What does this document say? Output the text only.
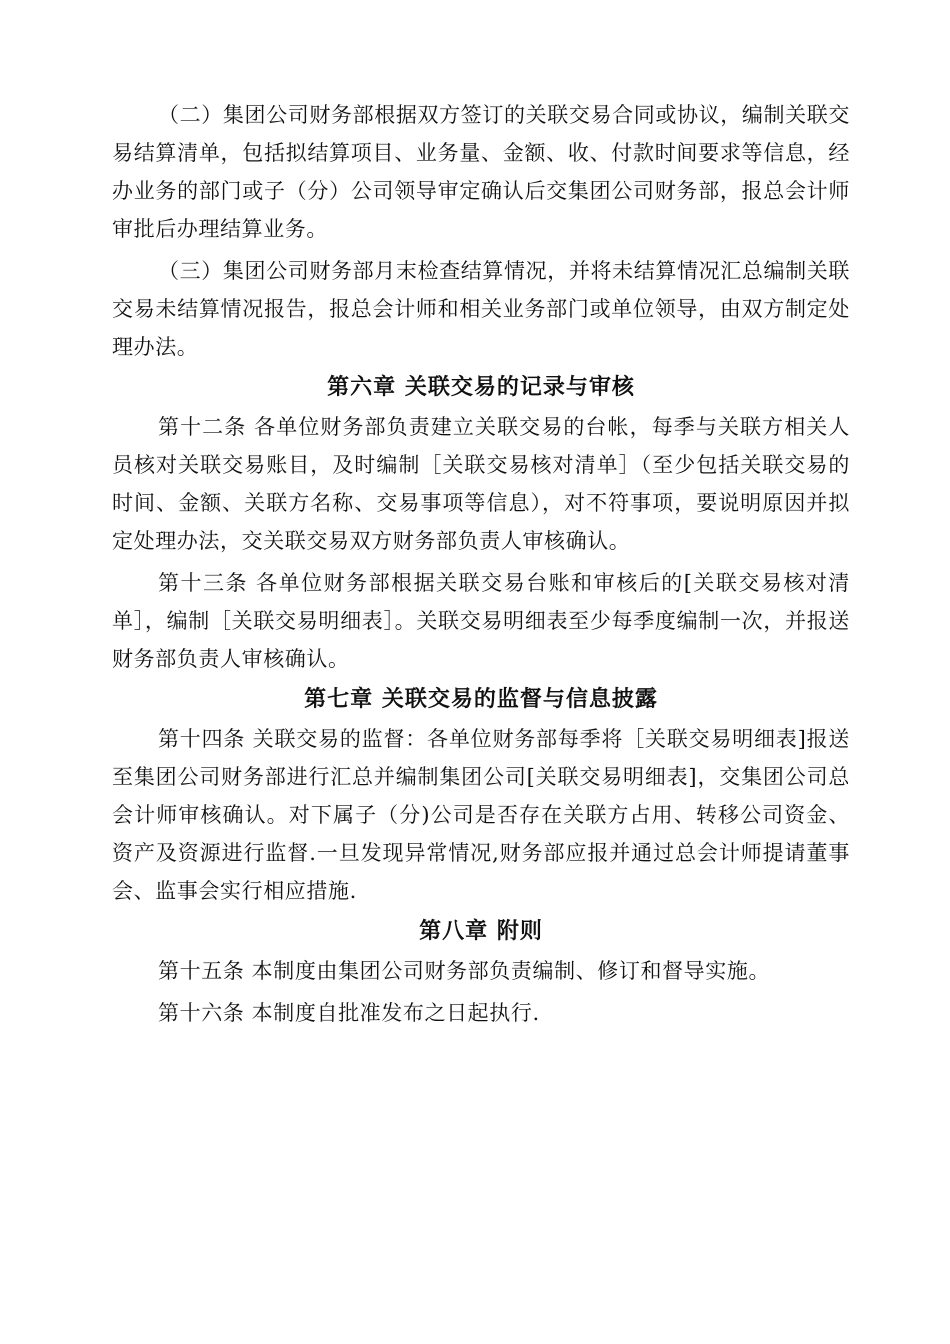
（二）集团公司财务部根据双方签订的关联交易合同或协议，编制关联交易结算清单，包括拟结算项目、业务量、金额、收、付款时间要求等信息，经办业务的部门或子（分）公司领导审定确认后交集团公司财务部，报总会计师审批后办理结算业务。

（三）集团公司财务部月末检查结算情况，并将未结算情况汇总编制关联交易未结算情况报告，报总会计师和相关业务部门或单位领导，由双方制定处理办法。

第六章 关联交易的记录与审核

第十二条 各单位财务部负责建立关联交易的台帐，每季与关联方相关人员核对关联交易账目，及时编制［关联交易核对清单］（至少包括关联交易的时间、金额、关联方名称、交易事项等信息），对不符事项，要说明原因并拟定处理办法，交关联交易双方财务部负责人审核确认。

第十三条 各单位财务部根据关联交易台账和审核后的[关联交易核对清单］，编制［关联交易明细表］。关联交易明细表至少每季度编制一次，并报送财务部负责人审核确认。

第七章 关联交易的监督与信息披露

第十四条 关联交易的监督：各单位财务部每季将［关联交易明细表]报送至集团公司财务部进行汇总并编制集团公司[关联交易明细表]，交集团公司总会计师审核确认。对下属子（分)公司是否存在关联方占用、转移公司资金、资产及资源进行监督.一旦发现异常情况,财务部应报并通过总会计师提请董事会、监事会实行相应措施.

第八章 附则

第十五条 本制度由集团公司财务部负责编制、修订和督导实施。

第十六条 本制度自批准发布之日起执行.
